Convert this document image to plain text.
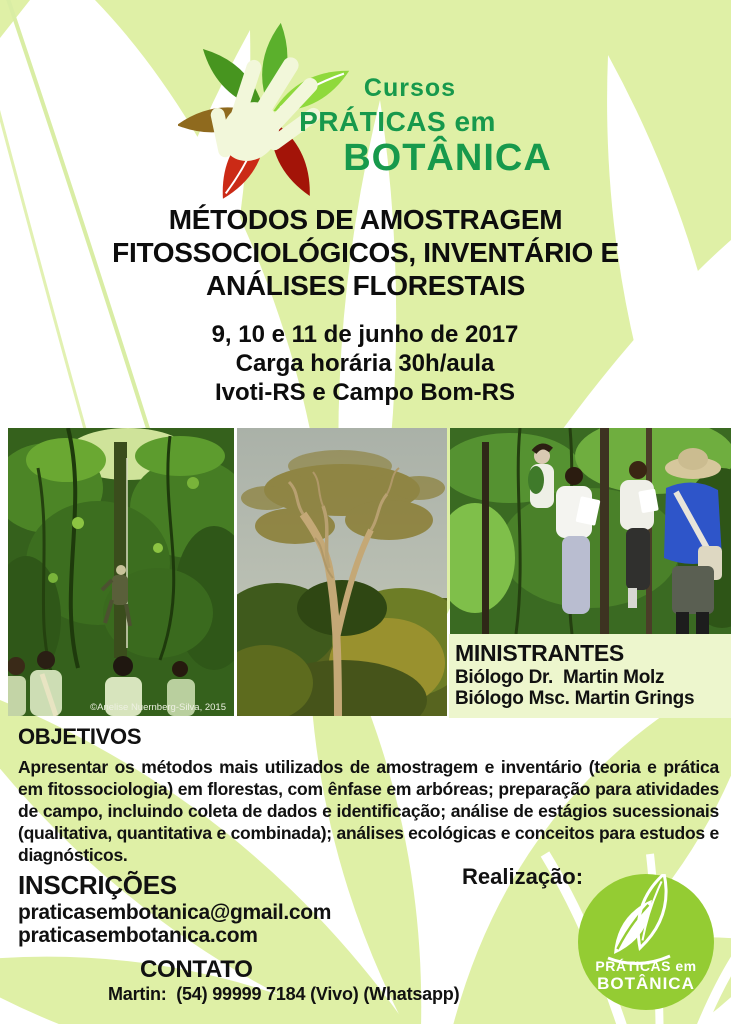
Cursos
PRÁTICAS em
BOTÂNICA
MÉTODOS DE AMOSTRAGEM
FITOSSOCIOLÓGICOS, INVENTÁRIO E
ANÁLISES FLORESTAIS
9, 10 e 11 de junho de 2017
Carga horária 30h/aula
Ivoti-RS e Campo Bom-RS
©Anelise Nuernberg-Silva, 2015
MINISTRANTES
Biólogo Dr.  Martin Molz
Biólogo Msc. Martin Grings
OBJETIVOS
Apresentar os métodos mais utilizados de amostragem e inventário (teoria e prática em fitossociologia) em florestas, com ênfase em arbóreas; preparação para atividades de campo, incluindo coleta de dados e identificação; análise de estágios sucessionais (qualitativa, quantitativa e combinada); análises ecológicas e conceitos para estudos e diagnósticos.
INSCRIÇÕES
praticasembotanica@gmail.com
praticasembotanica.com
Realização:
CONTATO
Martin:  (54) 99999 7184 (Vivo) (Whatsapp)
PRÁTICAS em
BOTÂNICA
